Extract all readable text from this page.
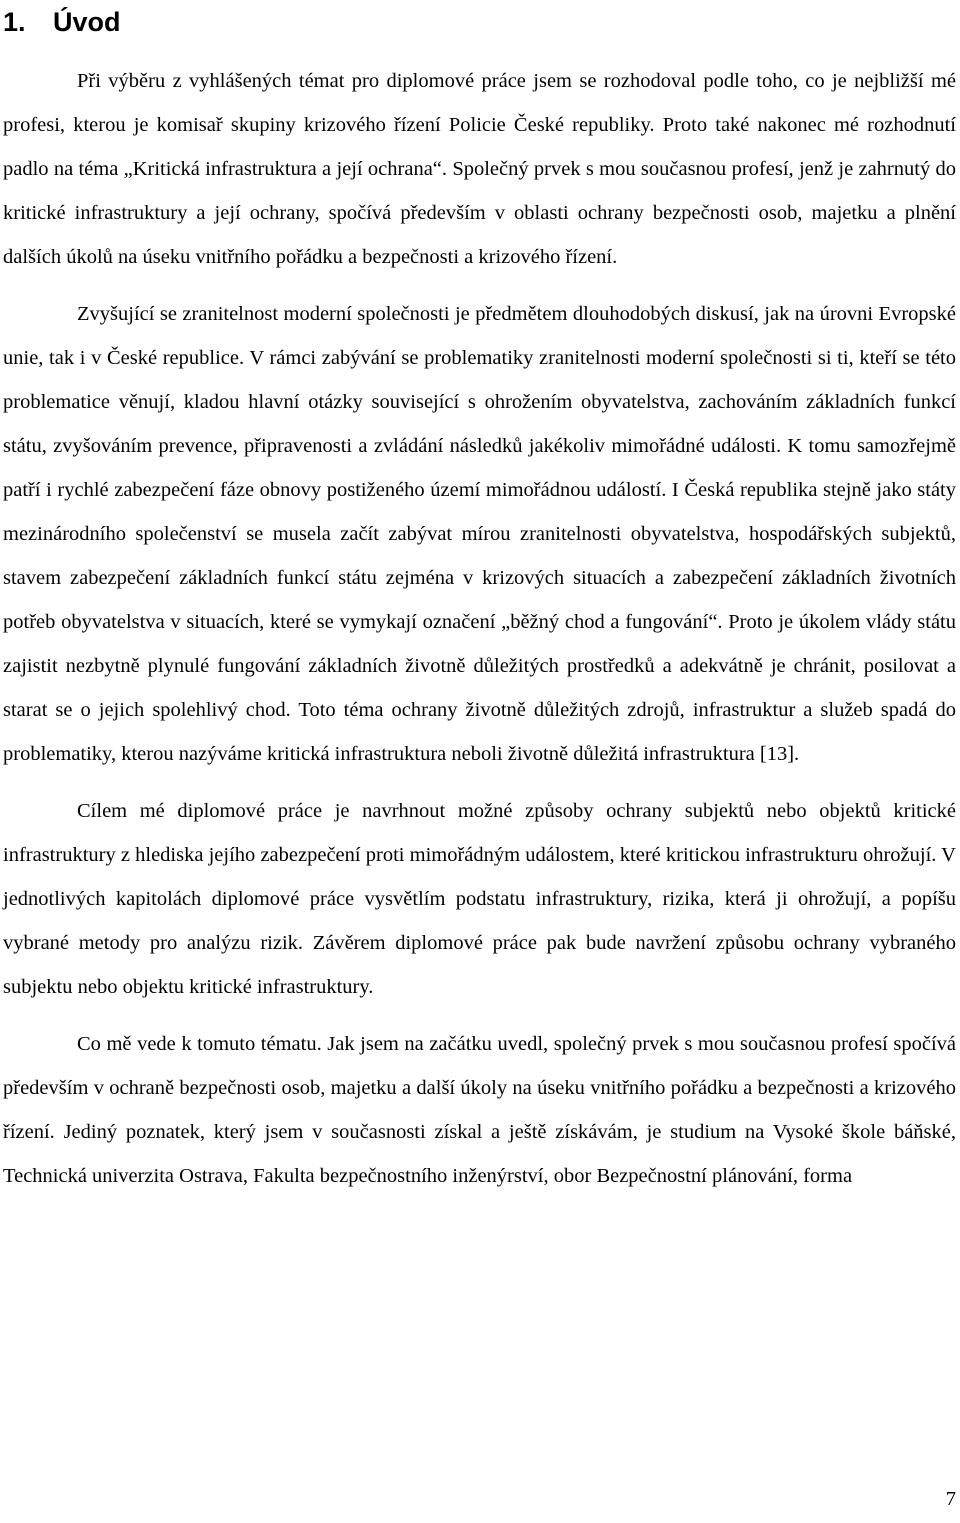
1.	Úvod

Při výběru z vyhlášených témat pro diplomové práce jsem se rozhodoval podle toho, co je nejbližší mé profesi, kterou je komisař skupiny krizového řízení Policie České republiky. Proto také nakonec mé rozhodnutí padlo na téma „Kritická infrastruktura a její ochrana“. Společný prvek s mou současnou profesí, jenž je zahrnutý do kritické infrastruktury a její ochrany, spočívá především v oblasti ochrany bezpečnosti osob, majetku a plnění dalších úkolů na úseku vnitřního pořádku a bezpečnosti a krizového řízení.

Zvyšující se zranitelnost moderní společnosti je předmětem dlouhodobých diskusí, jak na úrovni Evropské unie, tak i v České republice. V rámci zabývání se problematiky zranitelnosti moderní společnosti si ti, kteří se této problematice věnují, kladou hlavní otázky související s ohrožením obyvatelstva, zachováním základních funkcí státu, zvyšováním prevence, připravenosti a zvládání následků jakékoliv mimořádné události. K tomu samozřejmě patří i rychlé zabezpečení fáze obnovy postiženého území mimořádnou událostí. I Česká republika stejně jako státy mezinárodního společenství se musela začít zabývat mírou zranitelnosti obyvatelstva, hospodářských subjektů, stavem zabezpečení základních funkcí státu zejména v krizových situacích a zabezpečení základních životních potřeb obyvatelstva v situacích, které se vymykají označení „běžný chod a fungování“. Proto je úkolem vlády státu zajistit nezbytně plynulé fungování základních životně důležitých prostředků a adekvátně je chránit, posilovat a starat se o jejich spolehlivý chod. Toto téma ochrany životně důležitých zdrojů, infrastruktur a služeb spadá do problematiky, kterou nazýváme kritická infrastruktura neboli životně důležitá infrastruktura [13].

Cílem mé diplomové práce je navrhnout možné způsoby ochrany subjektů nebo objektů kritické infrastruktury z hlediska jejího zabezpečení proti mimořádným událostem, které kritickou infrastrukturu ohrožují. V jednotlivých kapitolách diplomové práce vysvětlím podstatu infrastruktury, rizika, která ji ohrožují, a popíšu vybrané metody pro analýzu rizik. Závěrem diplomové práce pak bude navržení způsobu ochrany vybraného subjektu nebo objektu kritické infrastruktury.

Co mě vede k tomuto tématu. Jak jsem na začátku uvedl, společný prvek s mou současnou profesí spočívá především v ochraně bezpečnosti osob, majetku a další úkoly na úseku vnitřního pořádku a bezpečnosti a krizového řízení. Jediný poznatek, který jsem v současnosti získal a ještě získávám, je studium na Vysoké škole báňské, Technická univerzita Ostrava, Fakulta bezpečnostního inženýrství, obor Bezpečnostní plánování, forma

7
